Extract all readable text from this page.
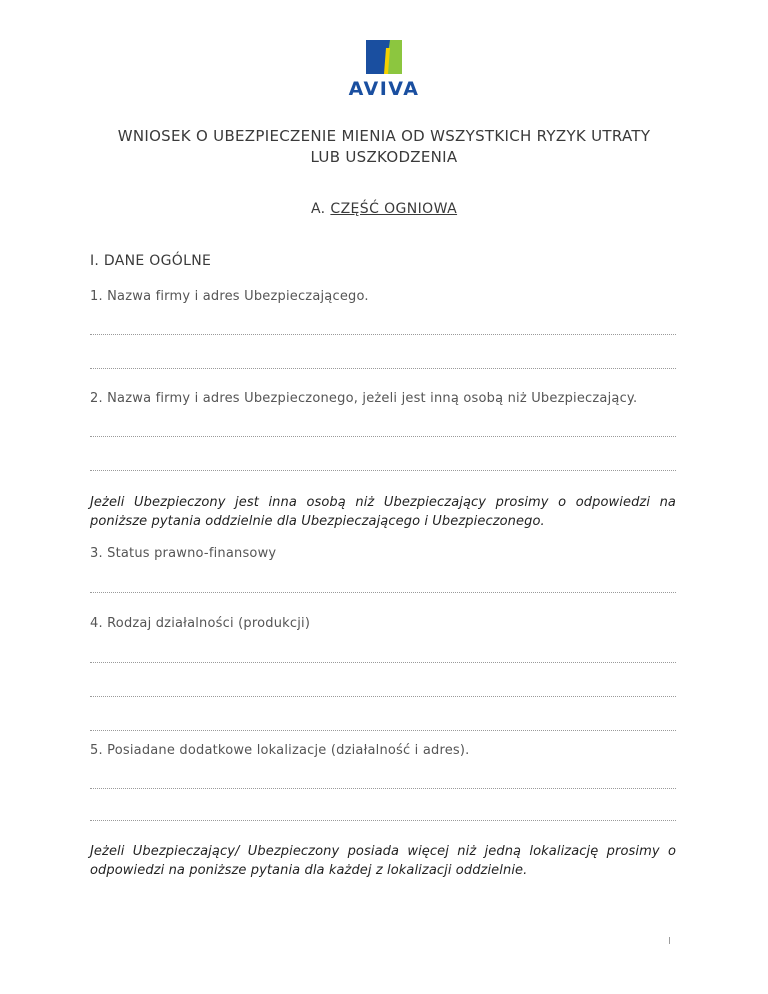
AVIVA
WNIOSEK O UBEZPIECZENIE MIENIA OD WSZYSTKICH RYZYK UTRATY
LUB USZKODZENIA
A. CZĘŚĆ OGNIOWA
I. DANE OGÓLNE
1. Nazwa firmy i adres Ubezpieczającego.
2. Nazwa firmy i adres Ubezpieczonego, jeżeli jest inną osobą niż Ubezpieczający.
Jeżeli Ubezpieczony jest inna osobą niż Ubezpieczający prosimy o odpowiedzi na poniższe pytania oddzielnie dla Ubezpieczającego i Ubezpieczonego.
3. Status prawno-finansowy
4. Rodzaj działalności (produkcji)
5. Posiadane dodatkowe lokalizacje (działalność i adres).
Jeżeli Ubezpieczający/ Ubezpieczony posiada więcej niż jedną lokalizację prosimy o odpowiedzi na poniższe pytania dla każdej z lokalizacji oddzielnie.
I
